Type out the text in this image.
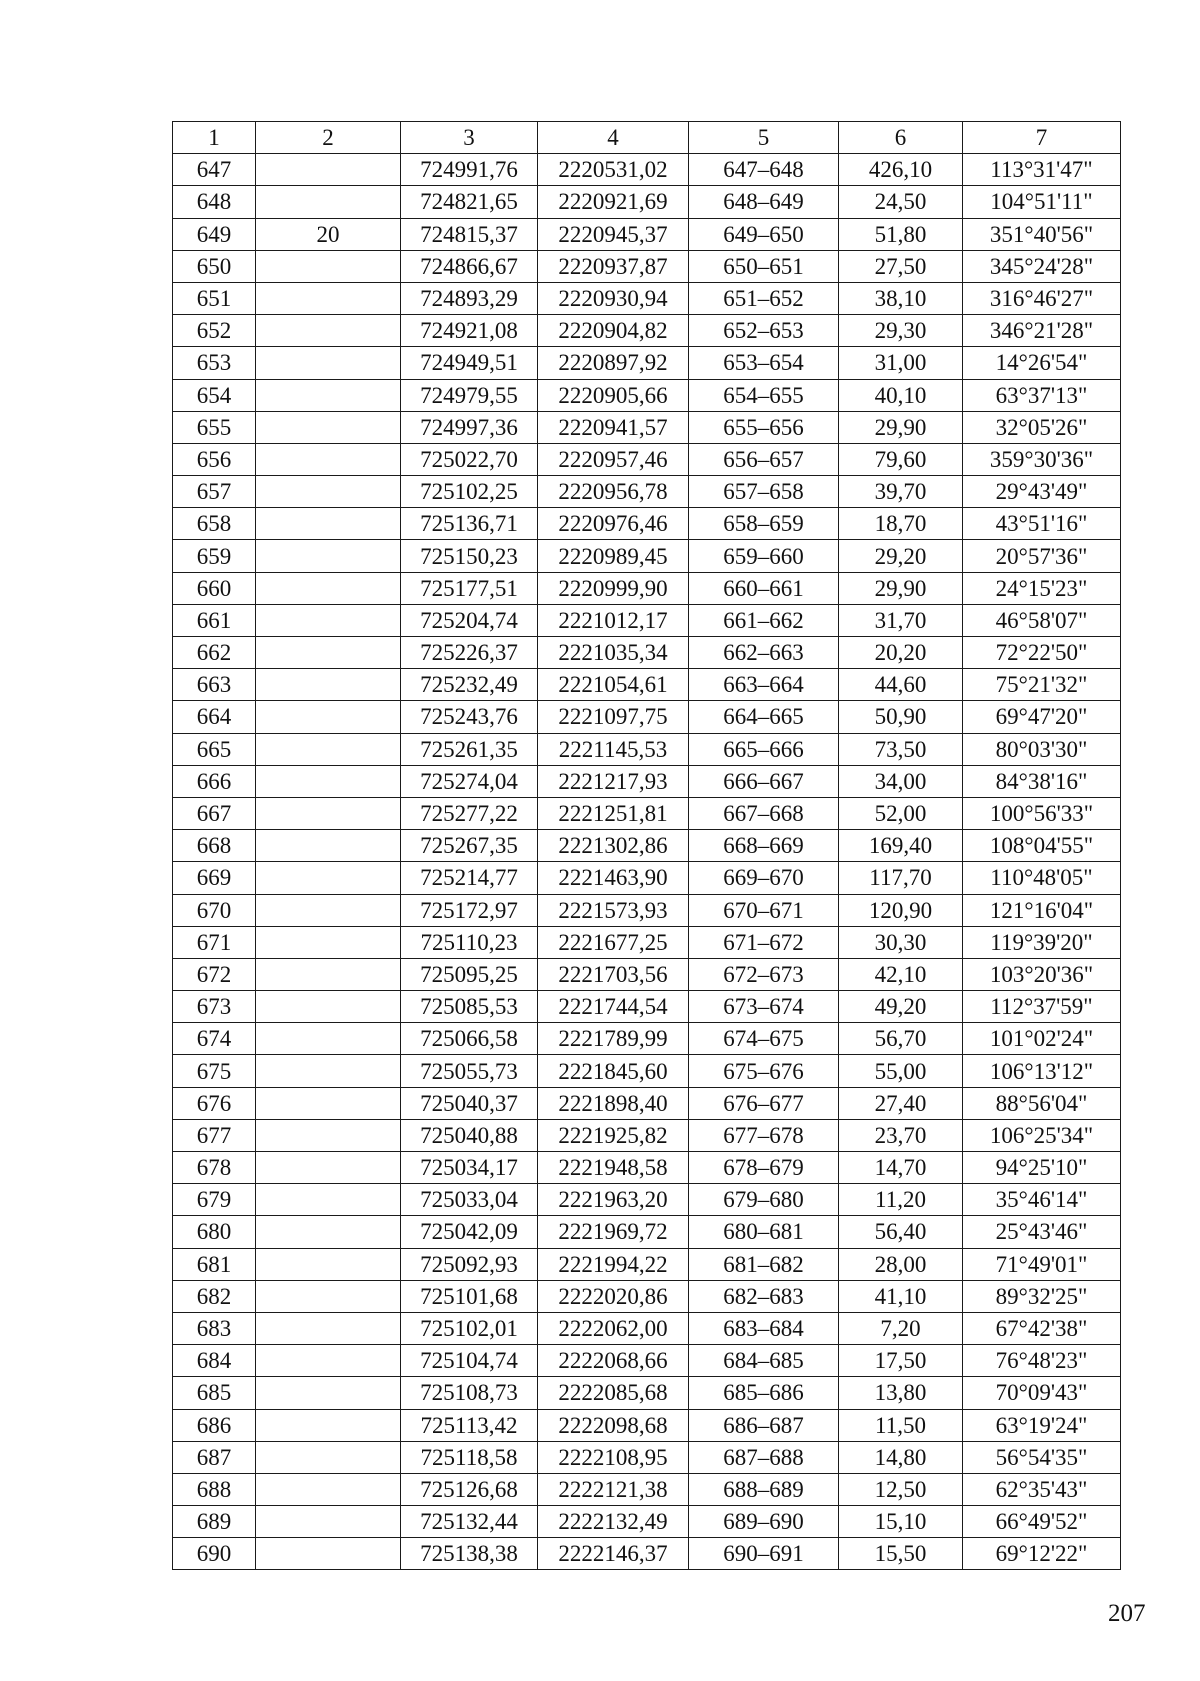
1	2	3	4	5	6	7
647		724991,76	2220531,02	647–648	426,10	113°31'47"
648		724821,65	2220921,69	648–649	24,50	104°51'11"
649	20	724815,37	2220945,37	649–650	51,80	351°40'56"
650		724866,67	2220937,87	650–651	27,50	345°24'28"
651		724893,29	2220930,94	651–652	38,10	316°46'27"
652		724921,08	2220904,82	652–653	29,30	346°21'28"
653		724949,51	2220897,92	653–654	31,00	14°26'54"
654		724979,55	2220905,66	654–655	40,10	63°37'13"
655		724997,36	2220941,57	655–656	29,90	32°05'26"
656		725022,70	2220957,46	656–657	79,60	359°30'36"
657		725102,25	2220956,78	657–658	39,70	29°43'49"
658		725136,71	2220976,46	658–659	18,70	43°51'16"
659		725150,23	2220989,45	659–660	29,20	20°57'36"
660		725177,51	2220999,90	660–661	29,90	24°15'23"
661		725204,74	2221012,17	661–662	31,70	46°58'07"
662		725226,37	2221035,34	662–663	20,20	72°22'50"
663		725232,49	2221054,61	663–664	44,60	75°21'32"
664		725243,76	2221097,75	664–665	50,90	69°47'20"
665		725261,35	2221145,53	665–666	73,50	80°03'30"
666		725274,04	2221217,93	666–667	34,00	84°38'16"
667		725277,22	2221251,81	667–668	52,00	100°56'33"
668		725267,35	2221302,86	668–669	169,40	108°04'55"
669		725214,77	2221463,90	669–670	117,70	110°48'05"
670		725172,97	2221573,93	670–671	120,90	121°16'04"
671		725110,23	2221677,25	671–672	30,30	119°39'20"
672		725095,25	2221703,56	672–673	42,10	103°20'36"
673		725085,53	2221744,54	673–674	49,20	112°37'59"
674		725066,58	2221789,99	674–675	56,70	101°02'24"
675		725055,73	2221845,60	675–676	55,00	106°13'12"
676		725040,37	2221898,40	676–677	27,40	88°56'04"
677		725040,88	2221925,82	677–678	23,70	106°25'34"
678		725034,17	2221948,58	678–679	14,70	94°25'10"
679		725033,04	2221963,20	679–680	11,20	35°46'14"
680		725042,09	2221969,72	680–681	56,40	25°43'46"
681		725092,93	2221994,22	681–682	28,00	71°49'01"
682		725101,68	2222020,86	682–683	41,10	89°32'25"
683		725102,01	2222062,00	683–684	7,20	67°42'38"
684		725104,74	2222068,66	684–685	17,50	76°48'23"
685		725108,73	2222085,68	685–686	13,80	70°09'43"
686		725113,42	2222098,68	686–687	11,50	63°19'24"
687		725118,58	2222108,95	687–688	14,80	56°54'35"
688		725126,68	2222121,38	688–689	12,50	62°35'43"
689		725132,44	2222132,49	689–690	15,10	66°49'52"
690		725138,38	2222146,37	690–691	15,50	69°12'22"
207
